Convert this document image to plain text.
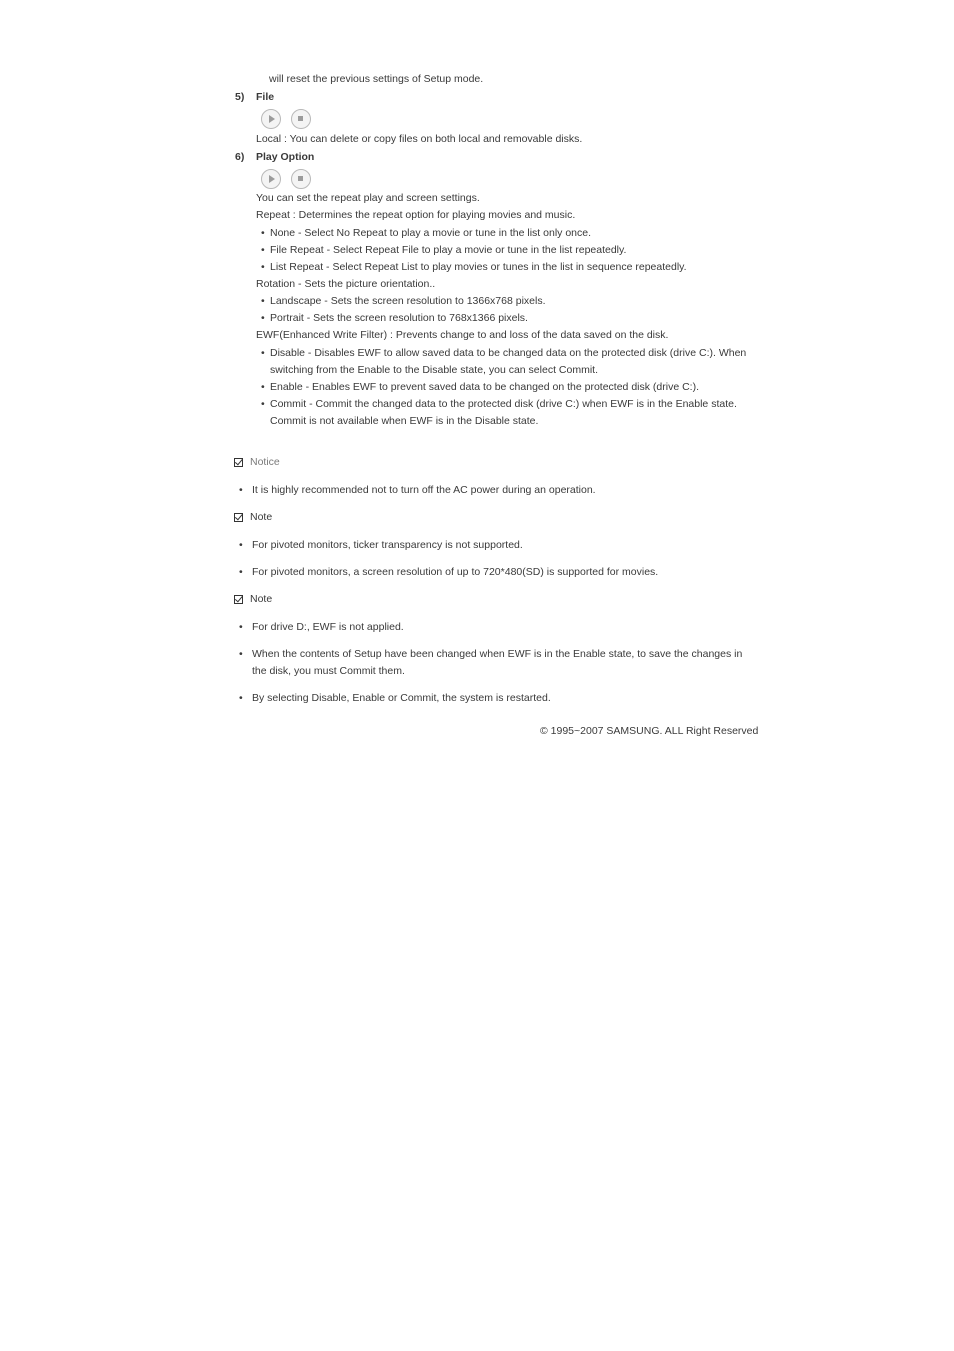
will reset the previous settings of Setup mode.
5) File
Local : You can delete or copy files on both local and removable disks.
6) Play Option
You can set the repeat play and screen settings.
Repeat : Determines the repeat option for playing movies and music.
• None - Select No Repeat to play a movie or tune in the list only once.
• File Repeat - Select Repeat File to play a movie or tune in the list repeatedly.
• List Repeat - Select Repeat List to play movies or tunes in the list in sequence repeatedly.
Rotation - Sets the picture orientation..
• Landscape - Sets the screen resolution to 1366x768 pixels.
• Portrait - Sets the screen resolution to 768x1366 pixels.
EWF(Enhanced Write Filter) : Prevents change to and loss of the data saved on the disk.
• Disable - Disables EWF to allow saved data to be changed data on the protected disk (drive C:). When
switching from the Enable to the Disable state, you can select Commit.
• Enable - Enables EWF to prevent saved data to be changed on the protected disk (drive C:).
• Commit - Commit the changed data to the protected disk (drive C:) when EWF is in the Enable state.
Commit is not available when EWF is in the Disable state.
Notice
• It is highly recommended not to turn off the AC power during an operation.
Note
• For pivoted monitors, ticker transparency is not supported.
• For pivoted monitors, a screen resolution of up to 720*480(SD) is supported for movies.
Note
• For drive D:, EWF is not applied.
• When the contents of Setup have been changed when EWF is in the Enable state, to save the changes in
the disk, you must Commit them.
• By selecting Disable, Enable or Commit, the system is restarted.
© 1995~2007 SAMSUNG. ALL Right Reserved
